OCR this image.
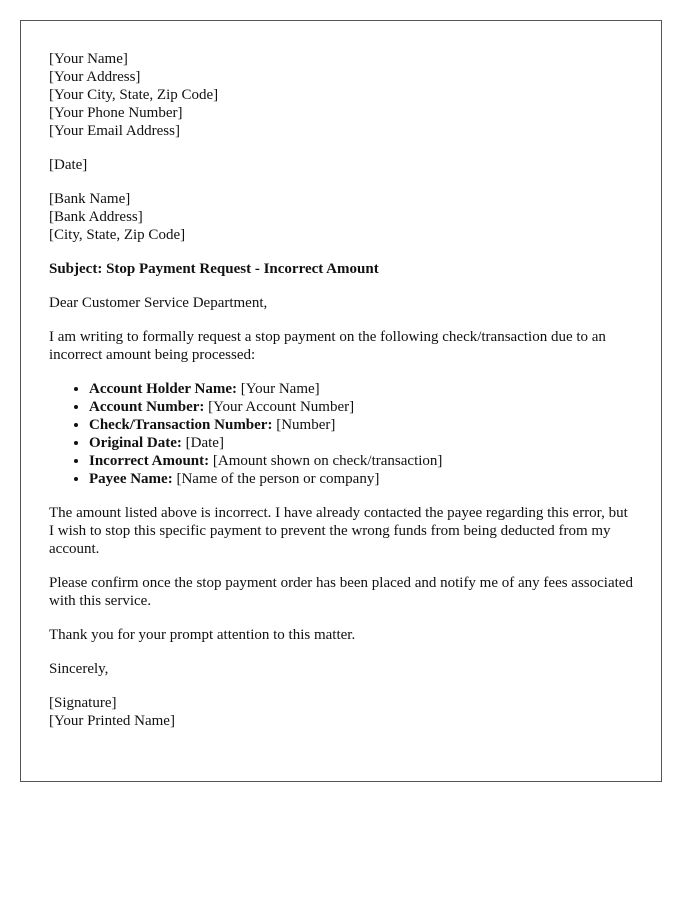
[Your Name]
[Your Address]
[Your City, State, Zip Code]
[Your Phone Number]
[Your Email Address]
[Date]
[Bank Name]
[Bank Address]
[City, State, Zip Code]

Subject: Stop Payment Request - Incorrect Amount

Dear Customer Service Department,

I am writing to formally request a stop payment on the following check/transaction due to an incorrect amount being processed:

• Account Holder Name: [Your Name]
• Account Number: [Your Account Number]
• Check/Transaction Number: [Number]
• Original Date: [Date]
• Incorrect Amount: [Amount shown on check/transaction]
• Payee Name: [Name of the person or company]

The amount listed above is incorrect. I have already contacted the payee regarding this error, but I wish to stop this specific payment to prevent the wrong funds from being deducted from my account.

Please confirm once the stop payment order has been placed and notify me of any fees associated with this service.

Thank you for your prompt attention to this matter.

Sincerely,

[Signature]
[Your Printed Name]
